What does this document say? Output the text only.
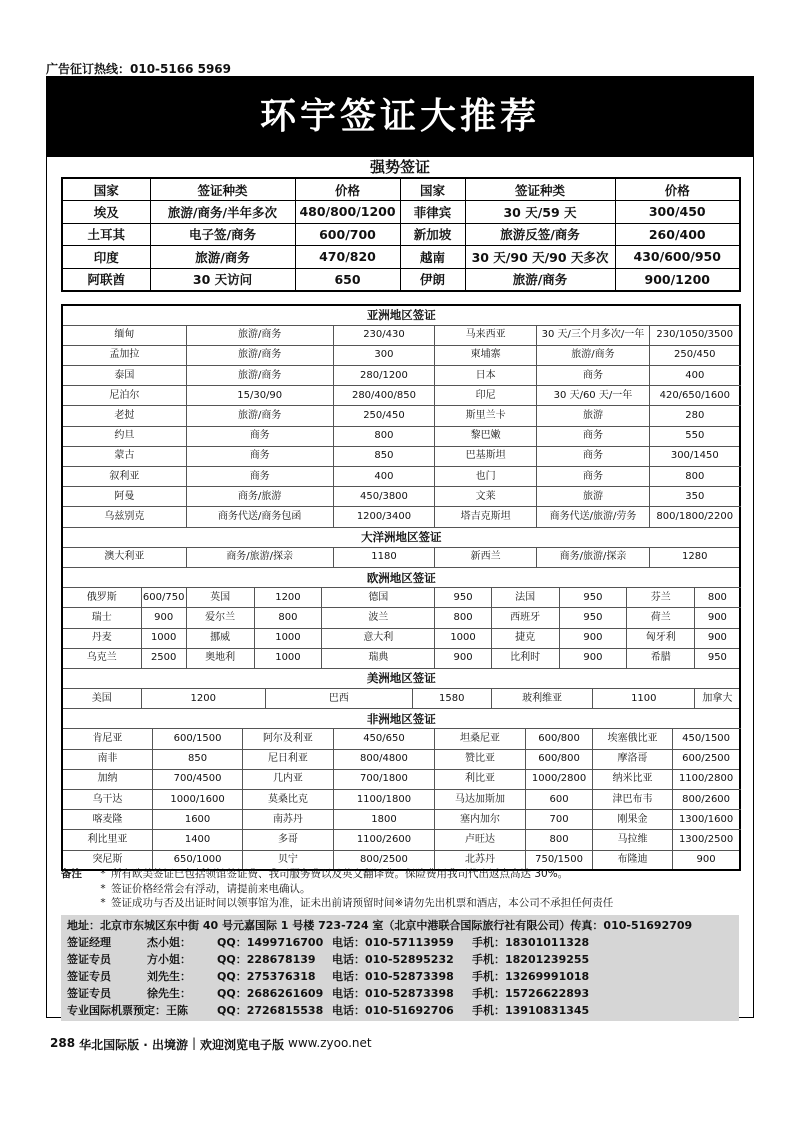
广告征订热线：010-5166 5969
环宇签证大推荐
强势签证
国家	签证种类	价格	国家	签证种类	价格
埃及	旅游/商务/半年多次	480/800/1200	菲律宾	30 天/59 天	300/450
土耳其	电子签/商务	600/700	新加坡	旅游反签/商务	260/400
印度	旅游/商务	470/820	越南	30 天/90 天/90 天多次	430/600/950
阿联酋	30 天访问	650	伊朗	旅游/商务	900/1200
亚洲地区签证																				
缅甸			旅游/商务					230/430		马来西亚			30 天/三个月多次/一年				230/1050/3500			
孟加拉			旅游/商务					300		柬埔寨			旅游/商务				250/450			
泰国			旅游/商务					280/1200		日本			商务				400			
尼泊尔			15/30/90					280/400/850		印尼			30 天/60 天/一年				420/650/1600			
老挝			旅游/商务					250/450		斯里兰卡			旅游				280			
约旦			商务					800		黎巴嫩			商务				550			
蒙古			商务					850		巴基斯坦			商务				300/1450			
叙利亚			商务					400		也门			商务				800			
阿曼			商务/旅游					450/3800		文莱			旅游				350			
乌兹别克			商务代送/商务包函					1200/3400		塔吉克斯坦			商务代送/旅游/劳务				800/1800/2200			
大洋洲地区签证																				
澳大利亚			商务/旅游/探亲					1180		新西兰			商务/旅游/探亲				1280			
欧洲地区签证																				
俄罗斯	600/750		英国		1200		德国			950	法国			950		芬兰			800	
瑞士	900		爱尔兰		800		波兰			800	西班牙			950		荷兰			900	
丹麦	1000		挪威		1000		意大利			1000	捷克			900		匈牙利			900	
乌克兰	2500		奥地利		1000		瑞典			900	比利时			900		希腊			950	
美洲地区签证																				
美国	1200					巴西			1580		玻利维亚				1100				加拿大	
非洲地区签证																				
肯尼亚		600/1500		阿尔及利亚				450/650		坦桑尼亚		600/800			埃塞俄比亚			450/1500		
南非		850		尼日利亚				800/4800		赞比亚		600/800			摩洛哥			600/2500		
加纳		700/4500		几内亚				700/1800		利比亚		1000/2800			纳米比亚			1100/2800		
乌干达		1000/1600		莫桑比克				1100/1800		马达加斯加		600			津巴布韦			800/2600		
喀麦隆		1600		南苏丹				1800		塞内加尔		700			刚果金			1300/1600		
利比里亚		1400		多哥				1100/2600		卢旺达		800			马拉维			1300/2500		
突尼斯		650/1000		贝宁				800/2500		北苏丹		750/1500			布隆迪			900		
备注	* 所有欧美签证已包括领馆签证费、我司服务费以及英文翻译费。保险费用我司代出返点高达 30%。
* 签证价格经常会有浮动，请提前来电确认。
* 签证成功与否及出证时间以领事馆为准，证未出前请预留时间※请勿先出机票和酒店，本公司不承担任何责任
地址：北京市东城区东中街 40 号元嘉国际 1 号楼 723-724 室（北京中港联合国际旅行社有限公司）传真：010-51692709
签证经理	杰小姐：	QQ：1499716700 电话：010-57113959	手机：18301011328
签证专员	方小姐：	QQ：228678139	电话：010-52895232	手机：18201239255
签证专员	刘先生：	QQ：275376318	电话：010-52873398	手机：13269991018
签证专员	徐先生：	QQ：2686261609 电话：010-52873398	手机：15726622893
专业国际机票预定：王陈	QQ：2726815538 电话：010-51692706	手机：13910831345
288 华北国际版 · 出境游 | 欢迎浏览电子版 www.zyoo.net
